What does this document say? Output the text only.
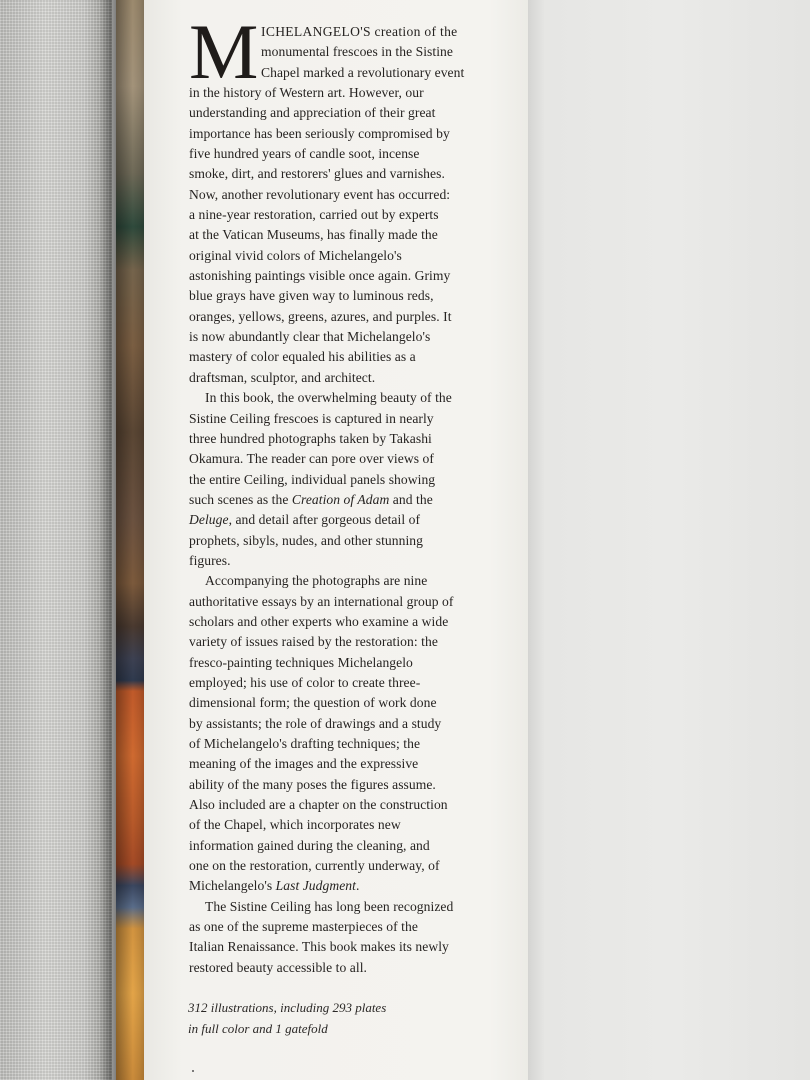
M ICHELANGELO'S creation of the
monumental frescoes in the Sistine
Chapel marked a revolutionary event
in the history of Western art. However, our
understanding and appreciation of their great
importance has been seriously compromised by
five hundred years of candle soot, incense
smoke, dirt, and restorers' glues and varnishes.
Now, another revolutionary event has occurred:
a nine-year restoration, carried out by experts
at the Vatican Museums, has finally made the
original vivid colors of Michelangelo's
astonishing paintings visible once again. Grimy
blue grays have given way to luminous reds,
oranges, yellows, greens, azures, and purples. It
is now abundantly clear that Michelangelo's
mastery of color equaled his abilities as a
draftsman, sculptor, and architect.
In this book, the overwhelming beauty of the
Sistine Ceiling frescoes is captured in nearly
three hundred photographs taken by Takashi
Okamura. The reader can pore over views of
the entire Ceiling, individual panels showing
such scenes as the Creation of Adam and the
Deluge, and detail after gorgeous detail of
prophets, sibyls, nudes, and other stunning
figures.
Accompanying the photographs are nine
authoritative essays by an international group of
scholars and other experts who examine a wide
variety of issues raised by the restoration: the
fresco-painting techniques Michelangelo
employed; his use of color to create three-
dimensional form; the question of work done
by assistants; the role of drawings and a study
of Michelangelo's drafting techniques; the
meaning of the images and the expressive
ability of the many poses the figures assume.
Also included are a chapter on the construction
of the Chapel, which incorporates new
information gained during the cleaning, and
one on the restoration, currently underway, of
Michelangelo's Last Judgment.
The Sistine Ceiling has long been recognized
as one of the supreme masterpieces of the
Italian Renaissance. This book makes its newly
restored beauty accessible to all.
312 illustrations, including 293 plates
in full color and 1 gatefold
